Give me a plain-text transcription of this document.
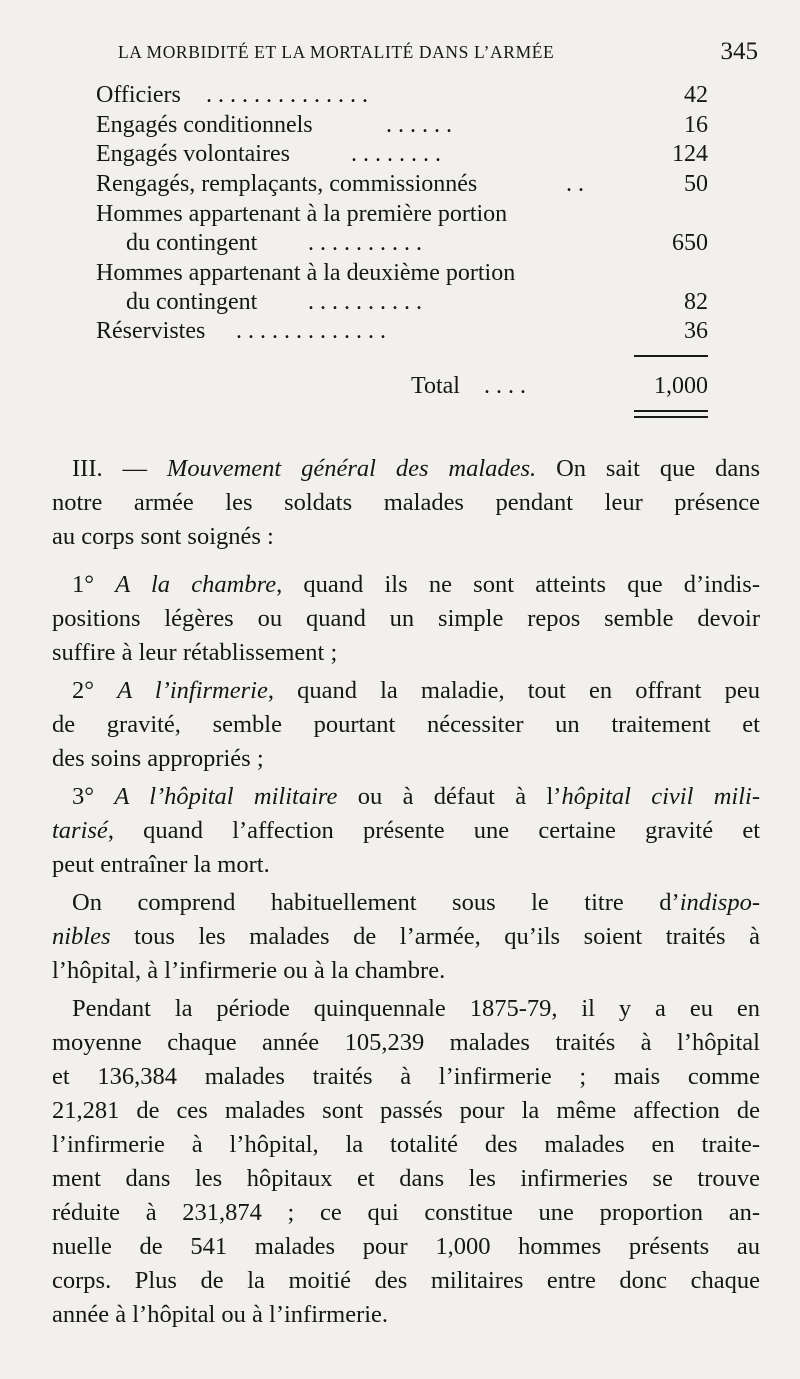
LA MORBIDITÉ ET LA MORTALITÉ DANS L’ARMÉE	345
Officiers . . . . . . . . . . . . . .	42
Engagés conditionnels	. . . . . .	16
Engagés volontaires	. . . . . . . .	124
Rengagés, remplaçants, commissionnés	. .	50
Hommes appartenant à la première portion
du contingent . . . . . . . . . .	650
Hommes appartenant à la deuxième portion
du contingent . . . . . . . . . .	82
Réservistes . . . . . . . . . . . . .	36
Total . . . .	1,000
III. — Mouvement général des malades. On sait que dans
notre armée les soldats malades pendant leur présence
au corps sont soignés :
1° A la chambre, quand ils ne sont atteints que d’indis-
positions légères ou quand un simple repos semble devoir
suffire à leur rétablissement ;
2° A l’infirmerie, quand la maladie, tout en offrant peu
de gravité, semble pourtant nécessiter un traitement et
des soins appropriés ;
3° A l’hôpital militaire ou à défaut à l’hôpital civil mili-
tarisé, quand l’affection présente une certaine gravité et
peut entraîner la mort.
On comprend habituellement sous le titre d’indispo-
nibles tous les malades de l’armée, qu’ils soient traités à
l’hôpital, à l’infirmerie ou à la chambre.
Pendant la période quinquennale 1875-79, il y a eu en
moyenne chaque année 105,239 malades traités à l’hôpital
et 136,384 malades traités à l’infirmerie ; mais comme
21,281 de ces malades sont passés pour la même affection de
l’infirmerie à l’hôpital, la totalité des malades en traite-
ment dans les hôpitaux et dans les infirmeries se trouve
réduite à 231,874 ; ce qui constitue une proportion an-
nuelle de 541 malades pour 1,000 hommes présents au
corps. Plus de la moitié des militaires entre donc chaque
année à l’hôpital ou à l’infirmerie.
